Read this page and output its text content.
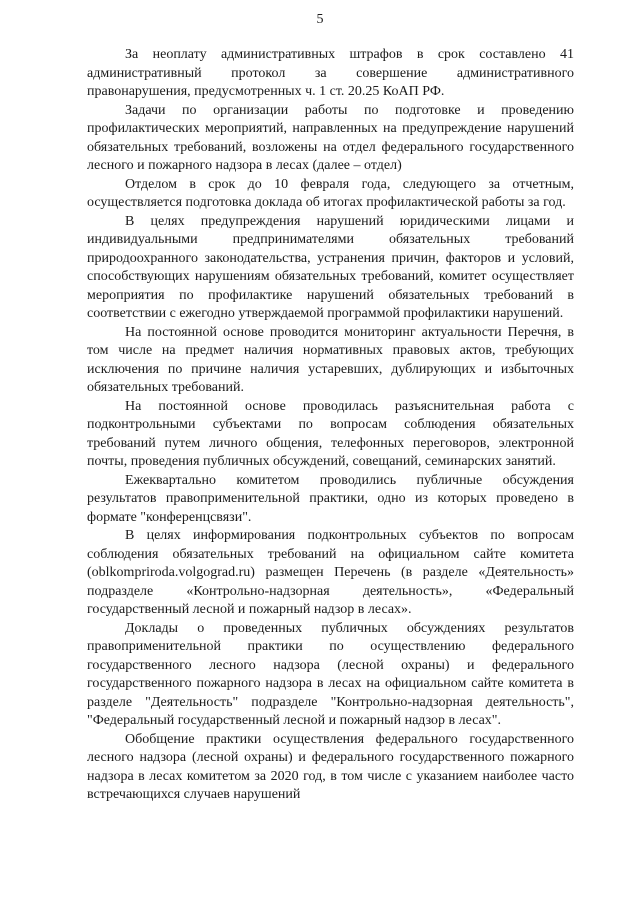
5

За неоплату административных штрафов в срок составлено 41 административный протокол за совершение административного правонарушения, предусмотренных ч. 1 ст. 20.25 КоАП РФ.

Задачи по организации работы по подготовке и проведению профилактических мероприятий, направленных на предупреждение нарушений обязательных требований, возложены на отдел федерального государственного лесного и пожарного надзора в лесах (далее – отдел)

Отделом в срок до 10 февраля года, следующего за отчетным, осуществляется подготовка доклада об итогах профилактической работы за год.

В целях предупреждения нарушений юридическими лицами и индивидуальными предпринимателями обязательных требований природоохранного законодательства, устранения причин, факторов и условий, способствующих нарушениям обязательных требований, комитет осуществляет мероприятия по профилактике нарушений обязательных требований в соответствии с ежегодно утверждаемой программой профилактики нарушений.

На постоянной основе проводится мониторинг актуальности Перечня, в том числе на предмет наличия нормативных правовых актов, требующих исключения по причине наличия устаревших, дублирующих и избыточных обязательных требований.

На постоянной основе проводилась разъяснительная работа с подконтрольными субъектами по вопросам соблюдения обязательных требований путем личного общения, телефонных переговоров, электронной почты, проведения публичных обсуждений, совещаний, семинарских занятий.

Ежеквартально комитетом проводились публичные обсуждения результатов правоприменительной практики, одно из которых проведено в формате "конференцсвязи".

В целях информирования подконтрольных субъектов по вопросам соблюдения обязательных требований на официальном сайте комитета (oblkompriroda.volgograd.ru) размещен Перечень (в разделе «Деятельность» подразделе «Контрольно-надзорная деятельность», «Федеральный государственный лесной и пожарный надзор в лесах».

Доклады о проведенных публичных обсуждениях результатов правоприменительной практики по осуществлению федерального государственного лесного надзора (лесной охраны) и федерального государственного пожарного надзора в лесах на официальном сайте комитета в разделе "Деятельность" подразделе "Контрольно-надзорная деятельность", "Федеральный государственный лесной и пожарный надзор в лесах".

Обобщение практики осуществления федерального государственного лесного надзора (лесной охраны) и федерального государственного пожарного надзора в лесах комитетом за 2020 год, в том числе с указанием наиболее часто встречающихся случаев нарушений
